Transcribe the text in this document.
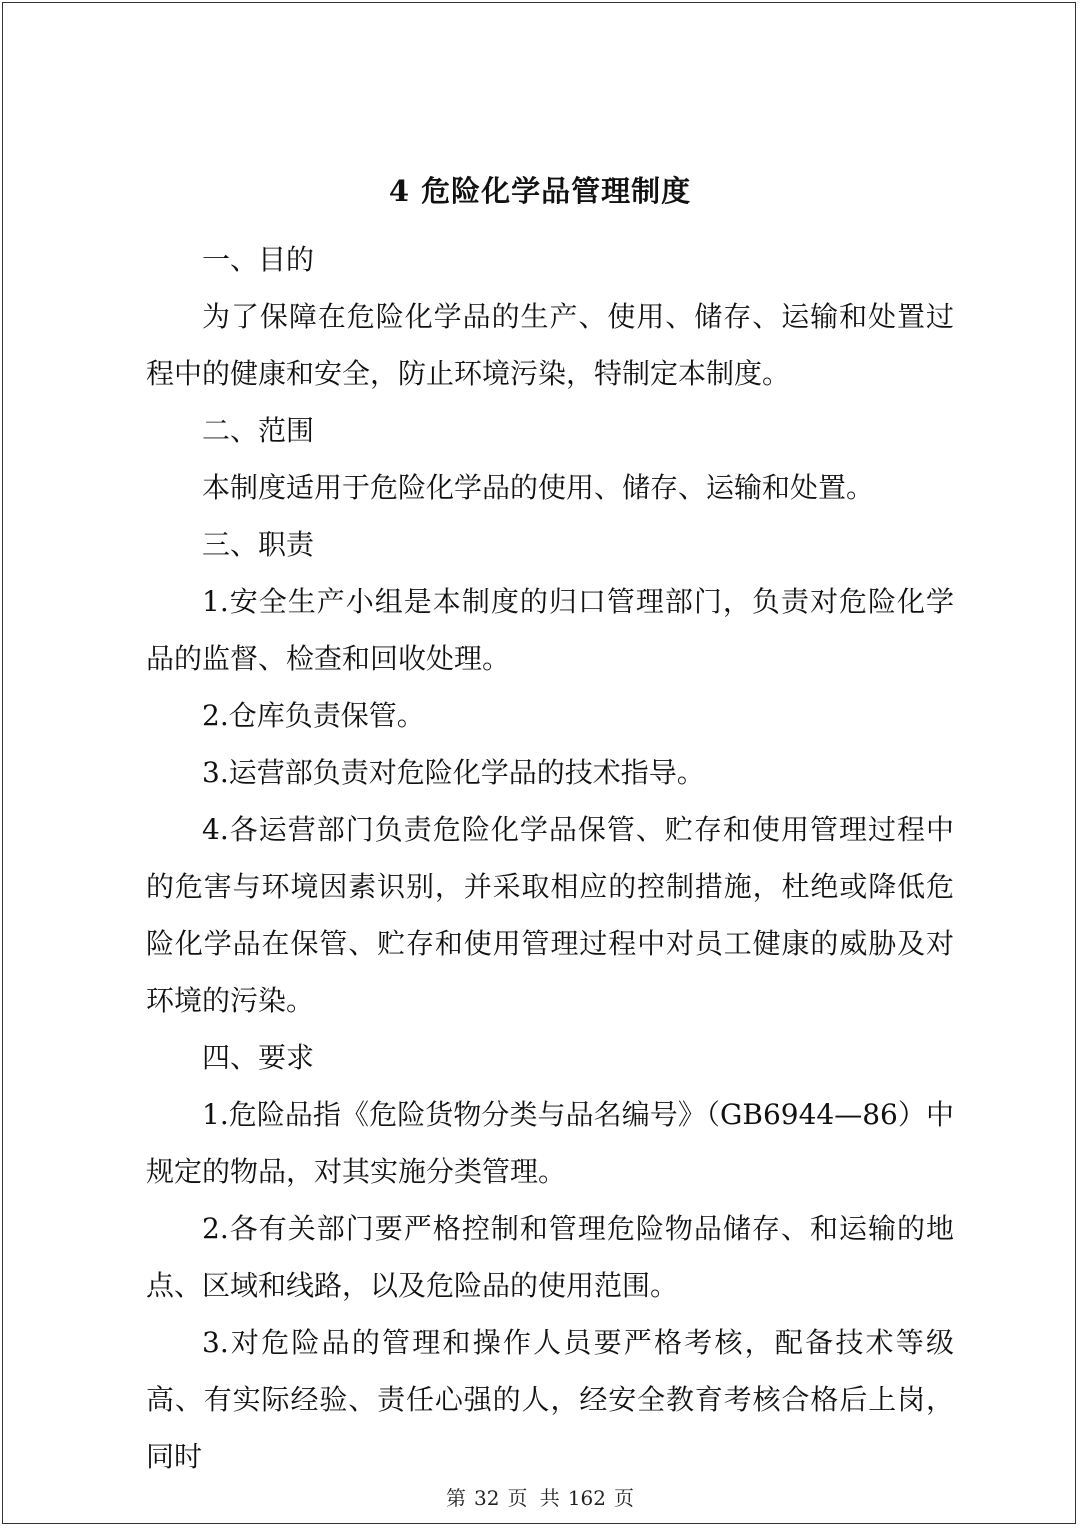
4 危险化学品管理制度

一、目的

为了保障在危险化学品的生产、使用、储存、运输和处置过程中的健康和安全，防止环境污染，特制定本制度。

二、范围

本制度适用于危险化学品的使用、储存、运输和处置。

三、职责

1.安全生产小组是本制度的归口管理部门，负责对危险化学品的监督、检查和回收处理。

2.仓库负责保管。

3.运营部负责对危险化学品的技术指导。

4.各运营部门负责危险化学品保管、贮存和使用管理过程中的危害与环境因素识别，并采取相应的控制措施，杜绝或降低危险化学品在保管、贮存和使用管理过程中对员工健康的威胁及对环境的污染。

四、要求

1.危险品指《危险货物分类与品名编号》（GB6944—86）中规定的物品，对其实施分类管理。

2.各有关部门要严格控制和管理危险物品储存、和运输的地点、区域和线路，以及危险品的使用范围。

3.对危险品的管理和操作人员要严格考核，配备技术等级高、有实际经验、责任心强的人，经安全教育考核合格后上岗，同时

第 32 页 共 162 页
